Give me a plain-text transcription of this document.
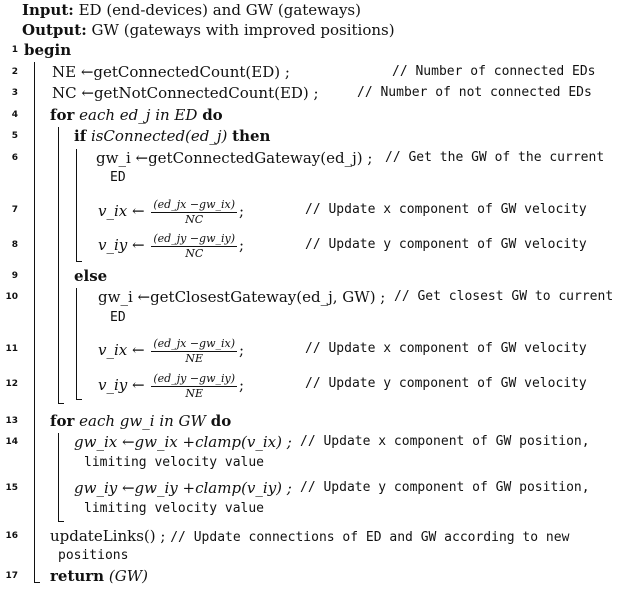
Input: ED (end-devices) and GW (gateways)
Output: GW (gateways with improved positions)
1
2
3
4
5
6
7
8
9
10
11
12
13
14
15
16
17
begin
NE ←getConnectedCount(ED) ;	// Number of connected EDs
NC ←getNotConnectedCount(ED) ;	// Number of not connected EDs
for each ed_j in ED do
if isConnected(ed_j) then
gw_i ←getConnectedGateway(ed_j) ; // Get the GW of the current
ED
v_ix ← $\frac{(ed\_jx -gw\_ix)}{NC}$ ;	// Update x component of GW velocity
v_iy ← $\frac{(ed\_jy -gw\_iy)}{NC}$ ;	// Update y component of GW velocity
else
gw_i ←getClosestGateway(ed_j, GW) ; // Get closest GW to current
ED
v_ix ← $\frac{(ed\_jx -gw\_ix)}{NE}$ ;	// Update x component of GW velocity
v_iy ← $\frac{(ed\_jy -gw\_iy)}{NE}$ ;	// Update y component of GW velocity
for each gw_i in GW do
gw_ix ←gw_ix +clamp(v_ix) ; // Update x component of GW position,
limiting velocity value
gw_iy ←gw_iy +clamp(v_iy) ; // Update y component of GW position,
limiting velocity value
updateLinks() ; // Update connections of ED and GW according to new
positions
return (GW)
